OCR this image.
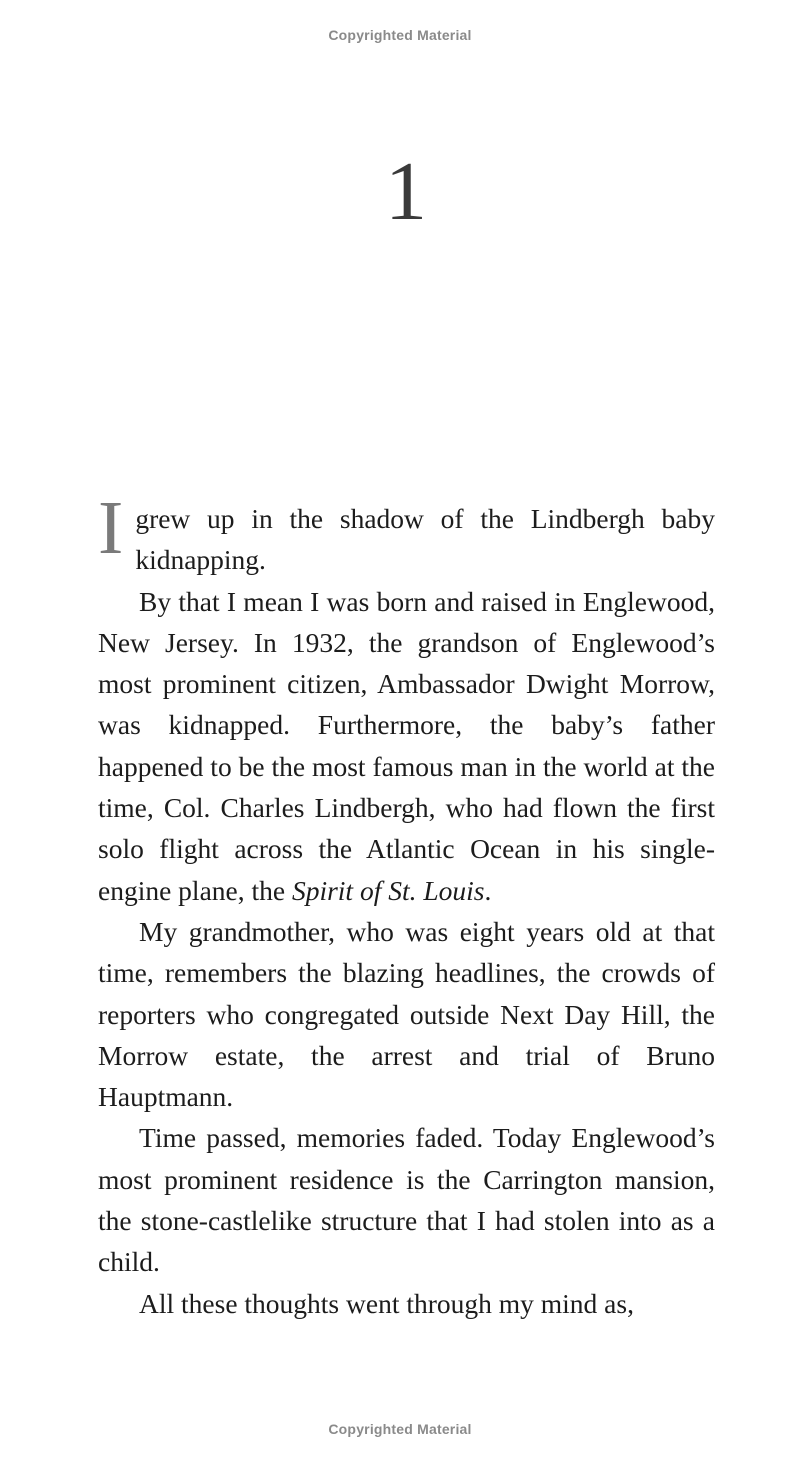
Copyrighted Material
1

I grew up in the shadow of the Lindbergh baby kidnapping.

By that I mean I was born and raised in Englewood, New Jersey. In 1932, the grandson of Englewood’s most prominent citizen, Ambassador Dwight Morrow, was kidnapped. Furthermore, the baby’s father happened to be the most famous man in the world at the time, Col. Charles Lindbergh, who had flown the first solo flight across the Atlantic Ocean in his single-engine plane, the Spirit of St. Louis.

My grandmother, who was eight years old at that time, remembers the blazing headlines, the crowds of reporters who congregated outside Next Day Hill, the Morrow estate, the arrest and trial of Bruno Hauptmann.

Time passed, memories faded. Today Englewood’s most prominent residence is the Carrington mansion, the stone-castlelike structure that I had stolen into as a child.

All these thoughts went through my mind as,

Copyrighted Material
